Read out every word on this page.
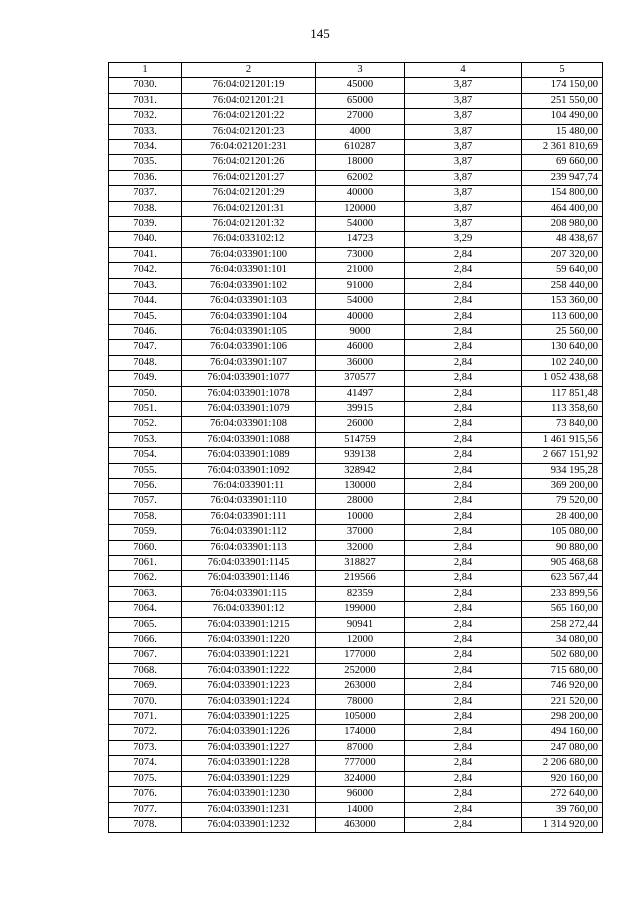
145
1	2	3	4	5
7030.	76:04:021201:19	45000	3,87	174 150,00
7031.	76:04:021201:21	65000	3,87	251 550,00
7032.	76:04:021201:22	27000	3,87	104 490,00
7033.	76:04:021201:23	4000	3,87	15 480,00
7034.	76:04:021201:231	610287	3,87	2 361 810,69
7035.	76:04:021201:26	18000	3,87	69 660,00
7036.	76:04:021201:27	62002	3,87	239 947,74
7037.	76:04:021201:29	40000	3,87	154 800,00
7038.	76:04:021201:31	120000	3,87	464 400,00
7039.	76:04:021201:32	54000	3,87	208 980,00
7040.	76:04:033102:12	14723	3,29	48 438,67
7041.	76:04:033901:100	73000	2,84	207 320,00
7042.	76:04:033901:101	21000	2,84	59 640,00
7043.	76:04:033901:102	91000	2,84	258 440,00
7044.	76:04:033901:103	54000	2,84	153 360,00
7045.	76:04:033901:104	40000	2,84	113 600,00
7046.	76:04:033901:105	9000	2,84	25 560,00
7047.	76:04:033901:106	46000	2,84	130 640,00
7048.	76:04:033901:107	36000	2,84	102 240,00
7049.	76:04:033901:1077	370577	2,84	1 052 438,68
7050.	76:04:033901:1078	41497	2,84	117 851,48
7051.	76:04:033901:1079	39915	2,84	113 358,60
7052.	76:04:033901:108	26000	2,84	73 840,00
7053.	76:04:033901:1088	514759	2,84	1 461 915,56
7054.	76:04:033901:1089	939138	2,84	2 667 151,92
7055.	76:04:033901:1092	328942	2,84	934 195,28
7056.	76:04:033901:11	130000	2,84	369 200,00
7057.	76:04:033901:110	28000	2,84	79 520,00
7058.	76:04:033901:111	10000	2,84	28 400,00
7059.	76:04:033901:112	37000	2,84	105 080,00
7060.	76:04:033901:113	32000	2,84	90 880,00
7061.	76:04:033901:1145	318827	2,84	905 468,68
7062.	76:04:033901:1146	219566	2,84	623 567,44
7063.	76:04:033901:115	82359	2,84	233 899,56
7064.	76:04:033901:12	199000	2,84	565 160,00
7065.	76:04:033901:1215	90941	2,84	258 272,44
7066.	76:04:033901:1220	12000	2,84	34 080,00
7067.	76:04:033901:1221	177000	2,84	502 680,00
7068.	76:04:033901:1222	252000	2,84	715 680,00
7069.	76:04:033901:1223	263000	2,84	746 920,00
7070.	76:04:033901:1224	78000	2,84	221 520,00
7071.	76:04:033901:1225	105000	2,84	298 200,00
7072.	76:04:033901:1226	174000	2,84	494 160,00
7073.	76:04:033901:1227	87000	2,84	247 080,00
7074.	76:04:033901:1228	777000	2,84	2 206 680,00
7075.	76:04:033901:1229	324000	2,84	920 160,00
7076.	76:04:033901:1230	96000	2,84	272 640,00
7077.	76:04:033901:1231	14000	2,84	39 760,00
7078.	76:04:033901:1232	463000	2,84	1 314 920,00
